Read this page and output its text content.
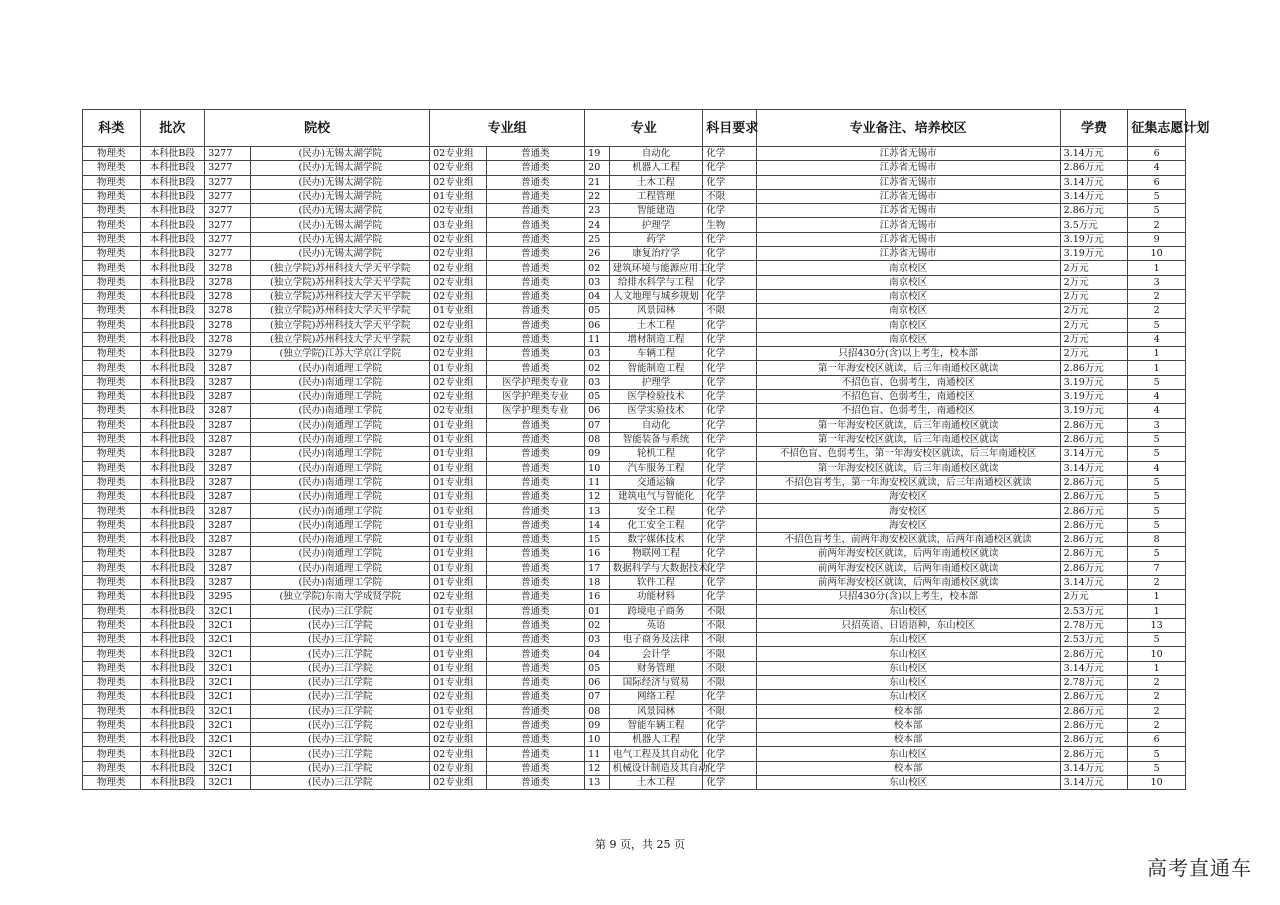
科类	批次	院校		专业组		专业		科目要求	专业备注、培养校区	学费	征集志愿计划
物理类	本科批B段	3277	(民办)无锡太湖学院	02专业组	普通类	19	自动化	化学	江苏省无锡市	3.14万元	6
物理类	本科批B段	3277	(民办)无锡太湖学院	02专业组	普通类	20	机器人工程	化学	江苏省无锡市	2.86万元	4
物理类	本科批B段	3277	(民办)无锡太湖学院	02专业组	普通类	21	土木工程	化学	江苏省无锡市	3.14万元	6
物理类	本科批B段	3277	(民办)无锡太湖学院	01专业组	普通类	22	工程管理	不限	江苏省无锡市	3.14万元	5
物理类	本科批B段	3277	(民办)无锡太湖学院	02专业组	普通类	23	智能建造	化学	江苏省无锡市	2.86万元	5
物理类	本科批B段	3277	(民办)无锡太湖学院	03专业组	普通类	24	护理学	生物	江苏省无锡市	3.5万元	2
物理类	本科批B段	3277	(民办)无锡太湖学院	02专业组	普通类	25	药学	化学	江苏省无锡市	3.19万元	9
物理类	本科批B段	3277	(民办)无锡太湖学院	02专业组	普通类	26	康复治疗学	化学	江苏省无锡市	3.19万元	10
物理类	本科批B段	3278	(独立学院)苏州科技大学天平学院	02专业组	普通类	02	建筑环境与能源应用工	化学	南京校区	2万元	1
物理类	本科批B段	3278	(独立学院)苏州科技大学天平学院	02专业组	普通类	03	给排水科学与工程	化学	南京校区	2万元	3
物理类	本科批B段	3278	(独立学院)苏州科技大学天平学院	02专业组	普通类	04	人文地理与城乡规划	化学	南京校区	2万元	2
物理类	本科批B段	3278	(独立学院)苏州科技大学天平学院	01专业组	普通类	05	风景园林	不限	南京校区	2万元	2
物理类	本科批B段	3278	(独立学院)苏州科技大学天平学院	02专业组	普通类	06	土木工程	化学	南京校区	2万元	5
物理类	本科批B段	3278	(独立学院)苏州科技大学天平学院	02专业组	普通类	11	增材制造工程	化学	南京校区	2万元	4
物理类	本科批B段	3279	(独立学院)江苏大学京江学院	02专业组	普通类	03	车辆工程	化学	只招430分(含)以上考生，校本部	2万元	1
物理类	本科批B段	3287	(民办)南通理工学院	01专业组	普通类	02	智能制造工程	化学	第一年海安校区就读，后三年南通校区就读	2.86万元	1
物理类	本科批B段	3287	(民办)南通理工学院	02专业组	医学护理类专业	03	护理学	化学	不招色盲、色弱考生，南通校区	3.19万元	5
物理类	本科批B段	3287	(民办)南通理工学院	02专业组	医学护理类专业	05	医学检验技术	化学	不招色盲、色弱考生，南通校区	3.19万元	4
物理类	本科批B段	3287	(民办)南通理工学院	02专业组	医学护理类专业	06	医学实验技术	化学	不招色盲、色弱考生，南通校区	3.19万元	4
物理类	本科批B段	3287	(民办)南通理工学院	01专业组	普通类	07	自动化	化学	第一年海安校区就读，后三年南通校区就读	2.86万元	3
物理类	本科批B段	3287	(民办)南通理工学院	01专业组	普通类	08	智能装备与系统	化学	第一年海安校区就读，后三年南通校区就读	2.86万元	5
物理类	本科批B段	3287	(民办)南通理工学院	01专业组	普通类	09	轮机工程	化学	不招色盲、色弱考生，第一年海安校区就读，后三年南通校区	3.14万元	5
物理类	本科批B段	3287	(民办)南通理工学院	01专业组	普通类	10	汽车服务工程	化学	第一年海安校区就读，后三年南通校区就读	3.14万元	4
物理类	本科批B段	3287	(民办)南通理工学院	01专业组	普通类	11	交通运输	化学	不招色盲考生，第一年海安校区就读，后三年南通校区就读	2.86万元	5
物理类	本科批B段	3287	(民办)南通理工学院	01专业组	普通类	12	建筑电气与智能化	化学	海安校区	2.86万元	5
物理类	本科批B段	3287	(民办)南通理工学院	01专业组	普通类	13	安全工程	化学	海安校区	2.86万元	5
物理类	本科批B段	3287	(民办)南通理工学院	01专业组	普通类	14	化工安全工程	化学	海安校区	2.86万元	5
物理类	本科批B段	3287	(民办)南通理工学院	01专业组	普通类	15	数字媒体技术	化学	不招色盲考生，前两年海安校区就读，后两年南通校区就读	2.86万元	8
物理类	本科批B段	3287	(民办)南通理工学院	01专业组	普通类	16	物联网工程	化学	前两年海安校区就读，后两年南通校区就读	2.86万元	5
物理类	本科批B段	3287	(民办)南通理工学院	01专业组	普通类	17	数据科学与大数据技术	化学	前两年海安校区就读，后两年南通校区就读	2.86万元	7
物理类	本科批B段	3287	(民办)南通理工学院	01专业组	普通类	18	软件工程	化学	前两年海安校区就读，后两年南通校区就读	3.14万元	2
物理类	本科批B段	3295	(独立学院)东南大学成贤学院	02专业组	普通类	16	功能材料	化学	只招430分(含)以上考生，校本部	2万元	1
物理类	本科批B段	32C1	(民办)三江学院	01专业组	普通类	01	跨境电子商务	不限	东山校区	2.53万元	1
物理类	本科批B段	32C1	(民办)三江学院	01专业组	普通类	02	英语	不限	只招英语、日语语种，东山校区	2.78万元	13
物理类	本科批B段	32C1	(民办)三江学院	01专业组	普通类	03	电子商务及法律	不限	东山校区	2.53万元	5
物理类	本科批B段	32C1	(民办)三江学院	01专业组	普通类	04	会计学	不限	东山校区	2.86万元	10
物理类	本科批B段	32C1	(民办)三江学院	01专业组	普通类	05	财务管理	不限	东山校区	3.14万元	1
物理类	本科批B段	32C1	(民办)三江学院	01专业组	普通类	06	国际经济与贸易	不限	东山校区	2.78万元	2
物理类	本科批B段	32C1	(民办)三江学院	02专业组	普通类	07	网络工程	化学	东山校区	2.86万元	2
物理类	本科批B段	32C1	(民办)三江学院	01专业组	普通类	08	风景园林	不限	校本部	2.86万元	2
物理类	本科批B段	32C1	(民办)三江学院	02专业组	普通类	09	智能车辆工程	化学	校本部	2.86万元	2
物理类	本科批B段	32C1	(民办)三江学院	02专业组	普通类	10	机器人工程	化学	校本部	2.86万元	6
物理类	本科批B段	32C1	(民办)三江学院	02专业组	普通类	11	电气工程及其自动化	化学	东山校区	2.86万元	5
物理类	本科批B段	32C1	(民办)三江学院	02专业组	普通类	12	机械设计制造及其自动	化学	校本部	3.14万元	5
物理类	本科批B段	32C1	(民办)三江学院	02专业组	普通类	13	土木工程	化学	东山校区	3.14万元	10
第 9 页，共 25 页
高考直通车
